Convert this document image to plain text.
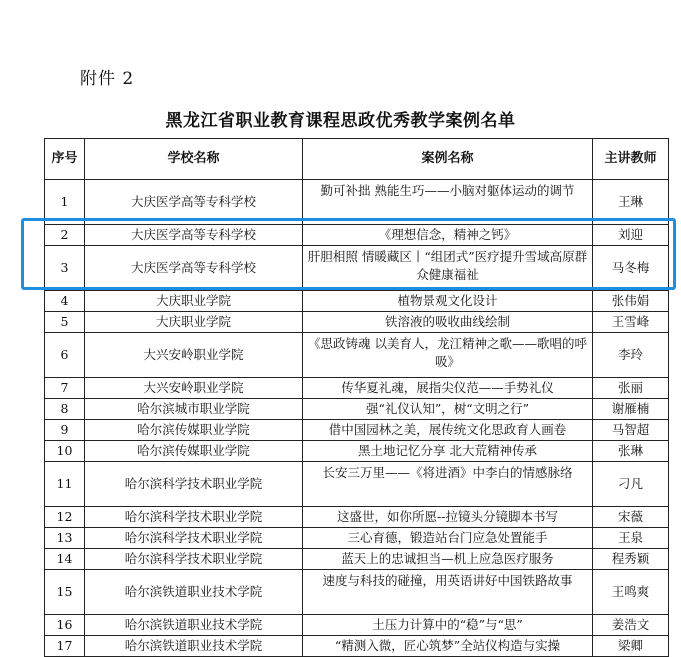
附件 2
黑龙江省职业教育课程思政优秀教学案例名单
序号	学校名称	案例名称	主讲教师
1	大庆医学高等专科学校	勤可补拙 熟能生巧——小脑对躯体运动的调节	王琳
2	大庆医学高等专科学校	《理想信念，精神之钙》	刘迎
3	大庆医学高等专科学校	肝胆相照 情暖藏区丨“组团式”医疗提升雪域高原群众健康福祉	马冬梅
4	大庆职业学院	植物景观文化设计	张伟娟
5	大庆职业学院	铁溶液的吸收曲线绘制	王雪峰
6	大兴安岭职业学院	《思政铸魂 以美育人，龙江精神之歌——歌唱的呼吸》	李玲
7	大兴安岭职业学院	传华夏礼魂，展指尖仪范——手势礼仪	张丽
8	哈尔滨城市职业学院	强“礼仪认知”，树“文明之行”	谢雁楠
9	哈尔滨传媒职业学院	借中国园林之美，展传统文化思政育人画卷	马智超
10	哈尔滨传媒职业学院	黑土地记忆分享 北大荒精神传承	张琳
11	哈尔滨科学技术职业学院	长安三万里——《将进酒》中李白的情感脉络	刁凡
12	哈尔滨科学技术职业学院	这盛世，如你所愿--拉镜头分镜脚本书写	宋薇
13	哈尔滨科学技术职业学院	三心育德，锻造站台门应急处置能手	王泉
14	哈尔滨科学技术职业学院	蓝天上的忠诚担当—机上应急医疗服务	程秀颖
15	哈尔滨铁道职业技术学院	速度与科技的碰撞，用英语讲好中国铁路故事	王鸣爽
16	哈尔滨铁道职业技术学院	土压力计算中的“稳”与“思”	姜浩文
17	哈尔滨铁道职业技术学院	“精测入微，匠心筑梦”全站仪构造与实操	梁卿
